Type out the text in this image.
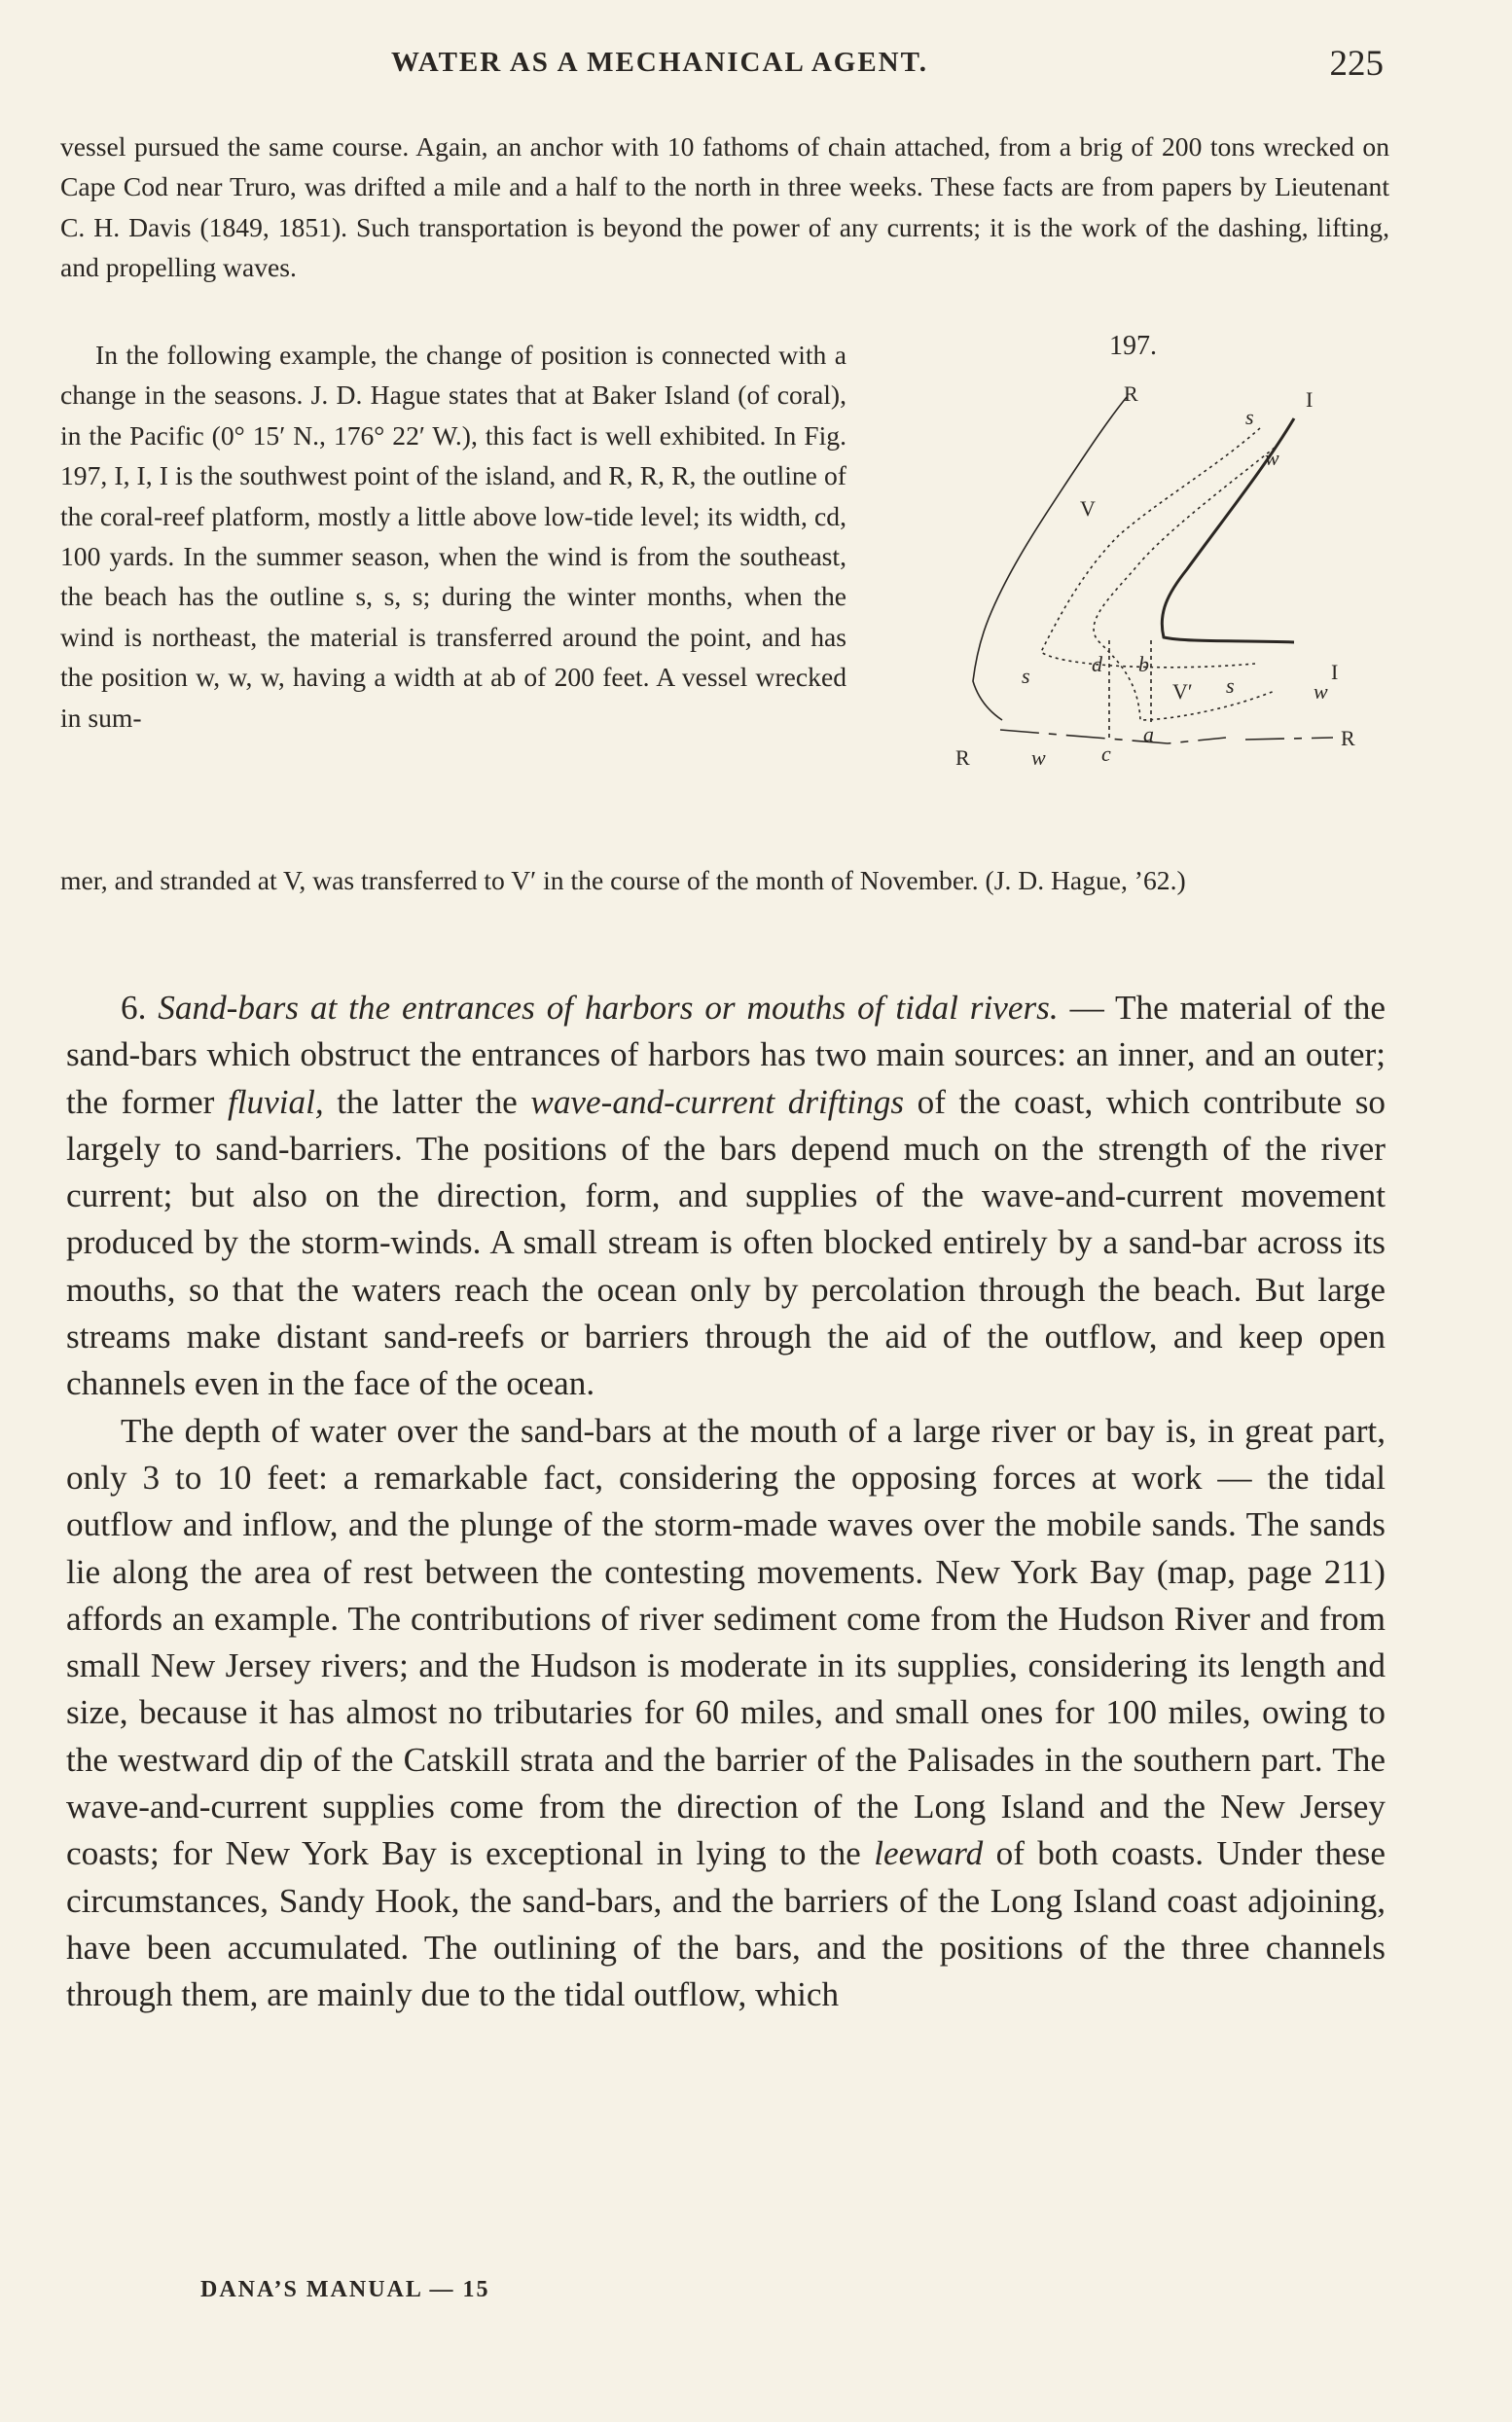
WATER AS A MECHANICAL AGENT.	225
vessel pursued the same course. Again, an anchor with 10 fathoms of chain attached, from a brig of 200 tons wrecked on Cape Cod near Truro, was drifted a mile and a half to the north in three weeks. These facts are from papers by Lieutenant C. H. Davis (1849, 1851). Such transportation is beyond the power of any currents; it is the work of the dashing, lifting, and propelling waves.
In the following example, the change of position is connected with a change in the seasons. J. D. Hague states that at Baker Island (of coral), in the Pacific (0° 15′ N., 176° 22′ W.), this fact is well exhibited. In Fig. 197, I, I, I is the southwest point of the island, and R, R, R, the outline of the coral-reef platform, mostly a little above low-tide level; its width, cd, 100 yards. In the summer season, when the wind is from the southeast, the beach has the outline s, s, s; during the winter months, when the wind is northeast, the material is transferred around the point, and has the position w, w, w, having a width at ab of 200 feet. A vessel wrecked in sum-
mer, and stranded at V, was transferred to V′ in the course of the month of November. (J. D. Hague, ’62.)
197.
R	I
s
w
V
d b
V′
s	I
w
s
R	w
a
c
R

6. Sand-bars at the entrances of harbors or mouths of tidal rivers. — The material of the sand-bars which obstruct the entrances of harbors has two main sources: an inner, and an outer; the former fluvial, the latter the wave-and-current driftings of the coast, which contribute so largely to sand-barriers. The positions of the bars depend much on the strength of the river current; but also on the direction, form, and supplies of the wave-and-current movement produced by the storm-winds. A small stream is often blocked entirely by a sand-bar across its mouths, so that the waters reach the ocean only by percolation through the beach. But large streams make distant sand-reefs or barriers through the aid of the outflow, and keep open channels even in the face of the ocean.

The depth of water over the sand-bars at the mouth of a large river or bay is, in great part, only 3 to 10 feet: a remarkable fact, considering the opposing forces at work — the tidal outflow and inflow, and the plunge of the storm-made waves over the mobile sands. The sands lie along the area of rest between the contesting movements. New York Bay (map, page 211) affords an example. The contributions of river sediment come from the Hudson River and from small New Jersey rivers; and the Hudson is moderate in its supplies, considering its length and size, because it has almost no tributaries for 60 miles, and small ones for 100 miles, owing to the westward dip of the Catskill strata and the barrier of the Palisades in the southern part. The wave-and-current supplies come from the direction of the Long Island and the New Jersey coasts; for New York Bay is exceptional in lying to the leeward of both coasts. Under these circumstances, Sandy Hook, the sand-bars, and the barriers of the Long Island coast adjoining, have been accumulated. The outlining of the bars, and the positions of the three channels through them, are mainly due to the tidal outflow, which

DANA’S MANUAL — 15
